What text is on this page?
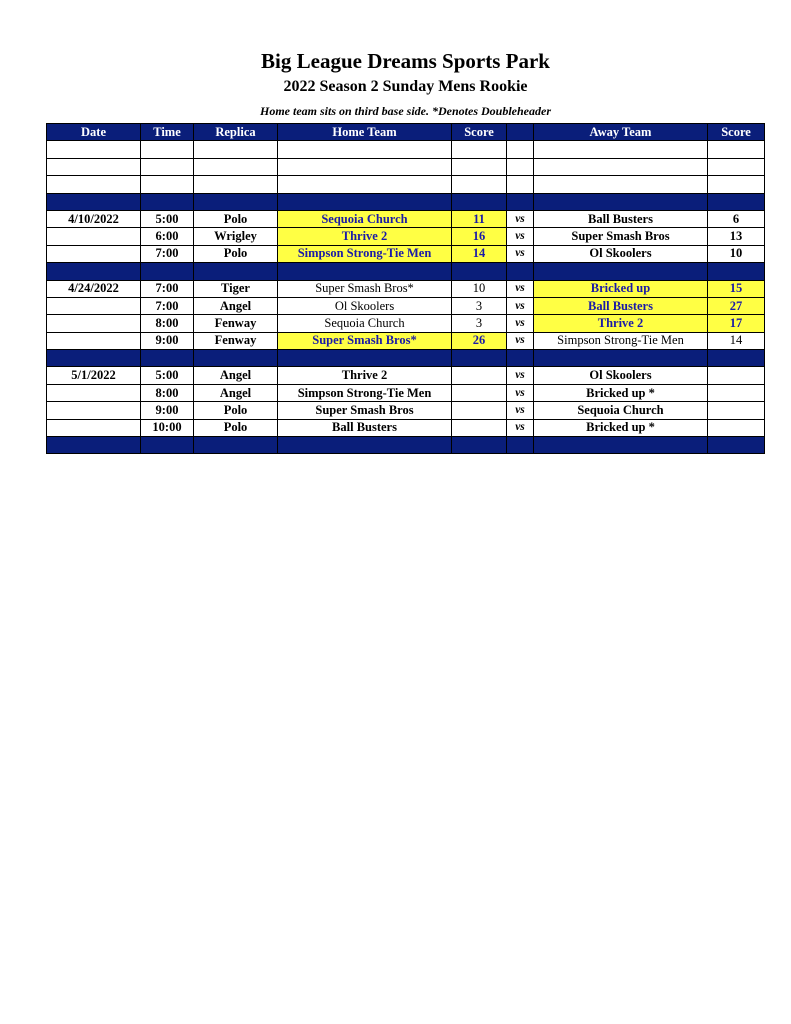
Big League Dreams Sports Park
2022 Season 2 Sunday Mens Rookie
Home team sits on third base side. *Denotes Doubleheader
Date	Time	Replica	Home Team	Score		Away Team	Score

4/10/2022	5:00	Polo	Sequoia Church	11	vs	Ball Busters	6
	6:00	Wrigley	Thrive 2	16	vs	Super Smash Bros	13
	7:00	Polo	Simpson Strong-Tie Men	14	vs	Ol Skoolers	10

4/24/2022	7:00	Tiger	Super Smash Bros*	10	vs	Bricked up	15
	7:00	Angel	Ol Skoolers	3	vs	Ball Busters	27
	8:00	Fenway	Sequoia Church	3	vs	Thrive 2	17
	9:00	Fenway	Super Smash Bros*	26	vs	Simpson Strong-Tie Men	14

5/1/2022	5:00	Angel	Thrive 2		vs	Ol Skoolers	
	8:00	Angel	Simpson Strong-Tie Men		vs	Bricked up *	
	9:00	Polo	Super Smash Bros		vs	Sequoia Church	
	10:00	Polo	Ball Busters		vs	Bricked up *	
